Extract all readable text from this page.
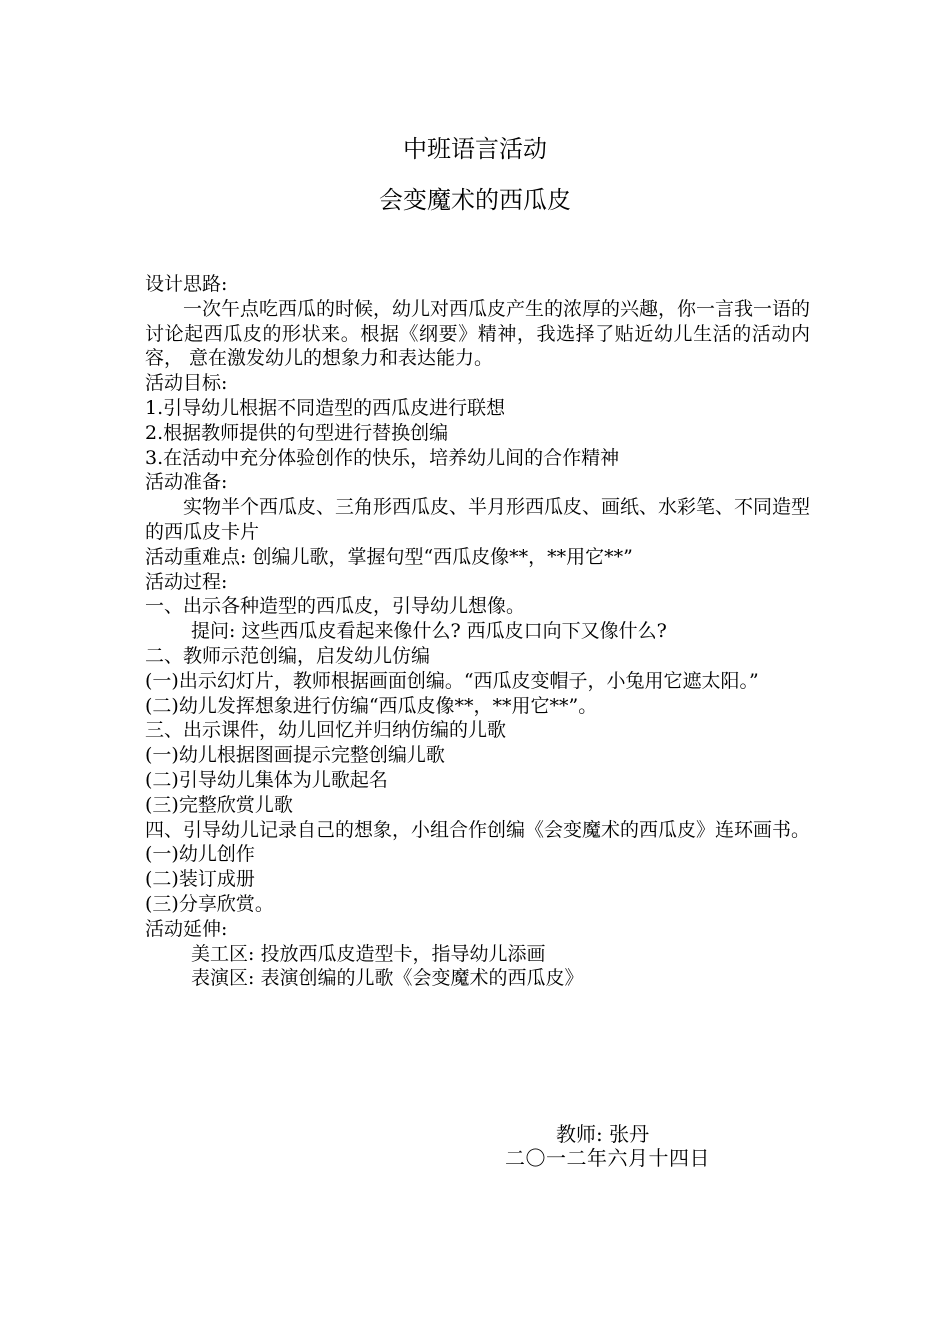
中班语言活动
会变魔术的西瓜皮

设计思路:

一次午点吃西瓜的时候，幼儿对西瓜皮产生的浓厚的兴趣，你一言我一语的讨论起西瓜皮的形状来。根据《纲要》精神，我选择了贴近幼儿生活的活动内容， 意在激发幼儿的想象力和表达能力。

活动目标:

1.引导幼儿根据不同造型的西瓜皮进行联想

2.根据教师提供的句型进行替换创编

3.在活动中充分体验创作的快乐，培养幼儿间的合作精神

活动准备:

实物半个西瓜皮、三角形西瓜皮、半月形西瓜皮、画纸、水彩笔、不同造型的西瓜皮卡片

活动重难点: 创编儿歌，掌握句型“西瓜皮像**，**用它**”

活动过程:

一、出示各种造型的西瓜皮，引导幼儿想像。

提问: 这些西瓜皮看起来像什么? 西瓜皮口向下又像什么?

二、教师示范创编，启发幼儿仿编

(一)出示幻灯片，教师根据画面创编。“西瓜皮变帽子，小兔用它遮太阳。”

(二)幼儿发挥想象进行仿编“西瓜皮像**，**用它**”。

三、出示课件，幼儿回忆并归纳仿编的儿歌

(一)幼儿根据图画提示完整创编儿歌

(二)引导幼儿集体为儿歌起名

(三)完整欣赏儿歌

四、引导幼儿记录自己的想象，小组合作创编《会变魔术的西瓜皮》连环画书。

(一)幼儿创作

(二)装订成册

(三)分享欣赏。

活动延伸:

美工区: 投放西瓜皮造型卡，指导幼儿添画

表演区: 表演创编的儿歌《会变魔术的西瓜皮》

教师: 张丹
二〇一二年六月十四日
